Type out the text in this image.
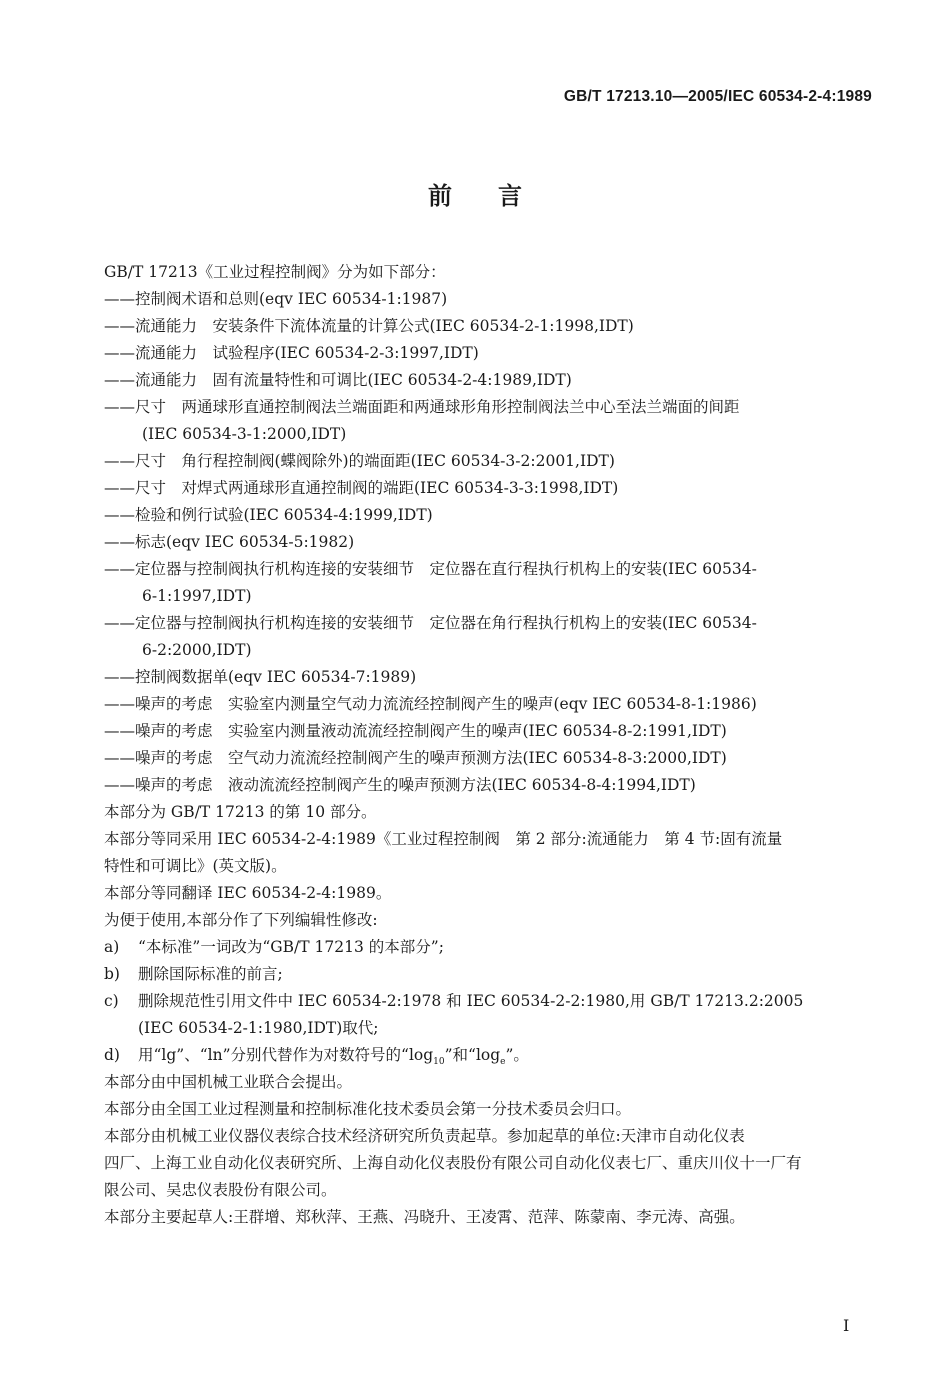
GB/T 17213.10—2005/IEC 60534-2-4:1989
前言

GB/T 17213《工业过程控制阀》分为如下部分：

——控制阀术语和总则(eqv IEC 60534-1:1987)

——流通能力　安装条件下流体流量的计算公式(IEC 60534-2-1:1998,IDT)

——流通能力　试验程序(IEC 60534-2-3:1997,IDT)

——流通能力　固有流量特性和可调比(IEC 60534-2-4:1989,IDT)

——尺寸　两通球形直通控制阀法兰端面距和两通球形角形控制阀法兰中心至法兰端面的间距

(IEC 60534-3-1:2000,IDT)

——尺寸　角行程控制阀(蝶阀除外)的端面距(IEC 60534-3-2:2001,IDT)

——尺寸　对焊式两通球形直通控制阀的端距(IEC 60534-3-3:1998,IDT)

——检验和例行试验(IEC 60534-4:1999,IDT)

——标志(eqv IEC 60534-5:1982)

——定位器与控制阀执行机构连接的安装细节　定位器在直行程执行机构上的安装(IEC 60534-

6-1:1997,IDT)

——定位器与控制阀执行机构连接的安装细节　定位器在角行程执行机构上的安装(IEC 60534-

6-2:2000,IDT)

——控制阀数据单(eqv IEC 60534-7:1989)

——噪声的考虑　实验室内测量空气动力流流经控制阀产生的噪声(eqv IEC 60534-8-1:1986)

——噪声的考虑　实验室内测量液动流流经控制阀产生的噪声(IEC 60534-8-2:1991,IDT)

——噪声的考虑　空气动力流流经控制阀产生的噪声预测方法(IEC 60534-8-3:2000,IDT)

——噪声的考虑　液动流流经控制阀产生的噪声预测方法(IEC 60534-8-4:1994,IDT)

本部分为 GB/T 17213 的第 10 部分。

本部分等同采用 IEC 60534-2-4:1989《工业过程控制阀　第 2 部分:流通能力　第 4 节:固有流量

特性和可调比》(英文版)。

本部分等同翻译 IEC 60534-2-4:1989。

为便于使用,本部分作了下列编辑性修改:

a) “本标准”一词改为“GB/T 17213 的本部分”;

b) 删除国际标准的前言;

c) 删除规范性引用文件中 IEC 60534-2:1978 和 IEC 60534-2-2:1980,用 GB/T 17213.2:2005

(IEC 60534-2-1:1980,IDT)取代;

d) 用“lg”、“ln”分别代替作为对数符号的“$\log_{10}$”和“$\log_e$”。

本部分由中国机械工业联合会提出。

本部分由全国工业过程测量和控制标准化技术委员会第一分技术委员会归口。

本部分由机械工业仪器仪表综合技术经济研究所负责起草。参加起草的单位:天津市自动化仪表

四厂、上海工业自动化仪表研究所、上海自动化仪表股份有限公司自动化仪表七厂、重庆川仪十一厂有

限公司、吴忠仪表股份有限公司。

本部分主要起草人:王群增、郑秋萍、王燕、冯晓升、王凌霄、范萍、陈蒙南、李元涛、高强。

I
